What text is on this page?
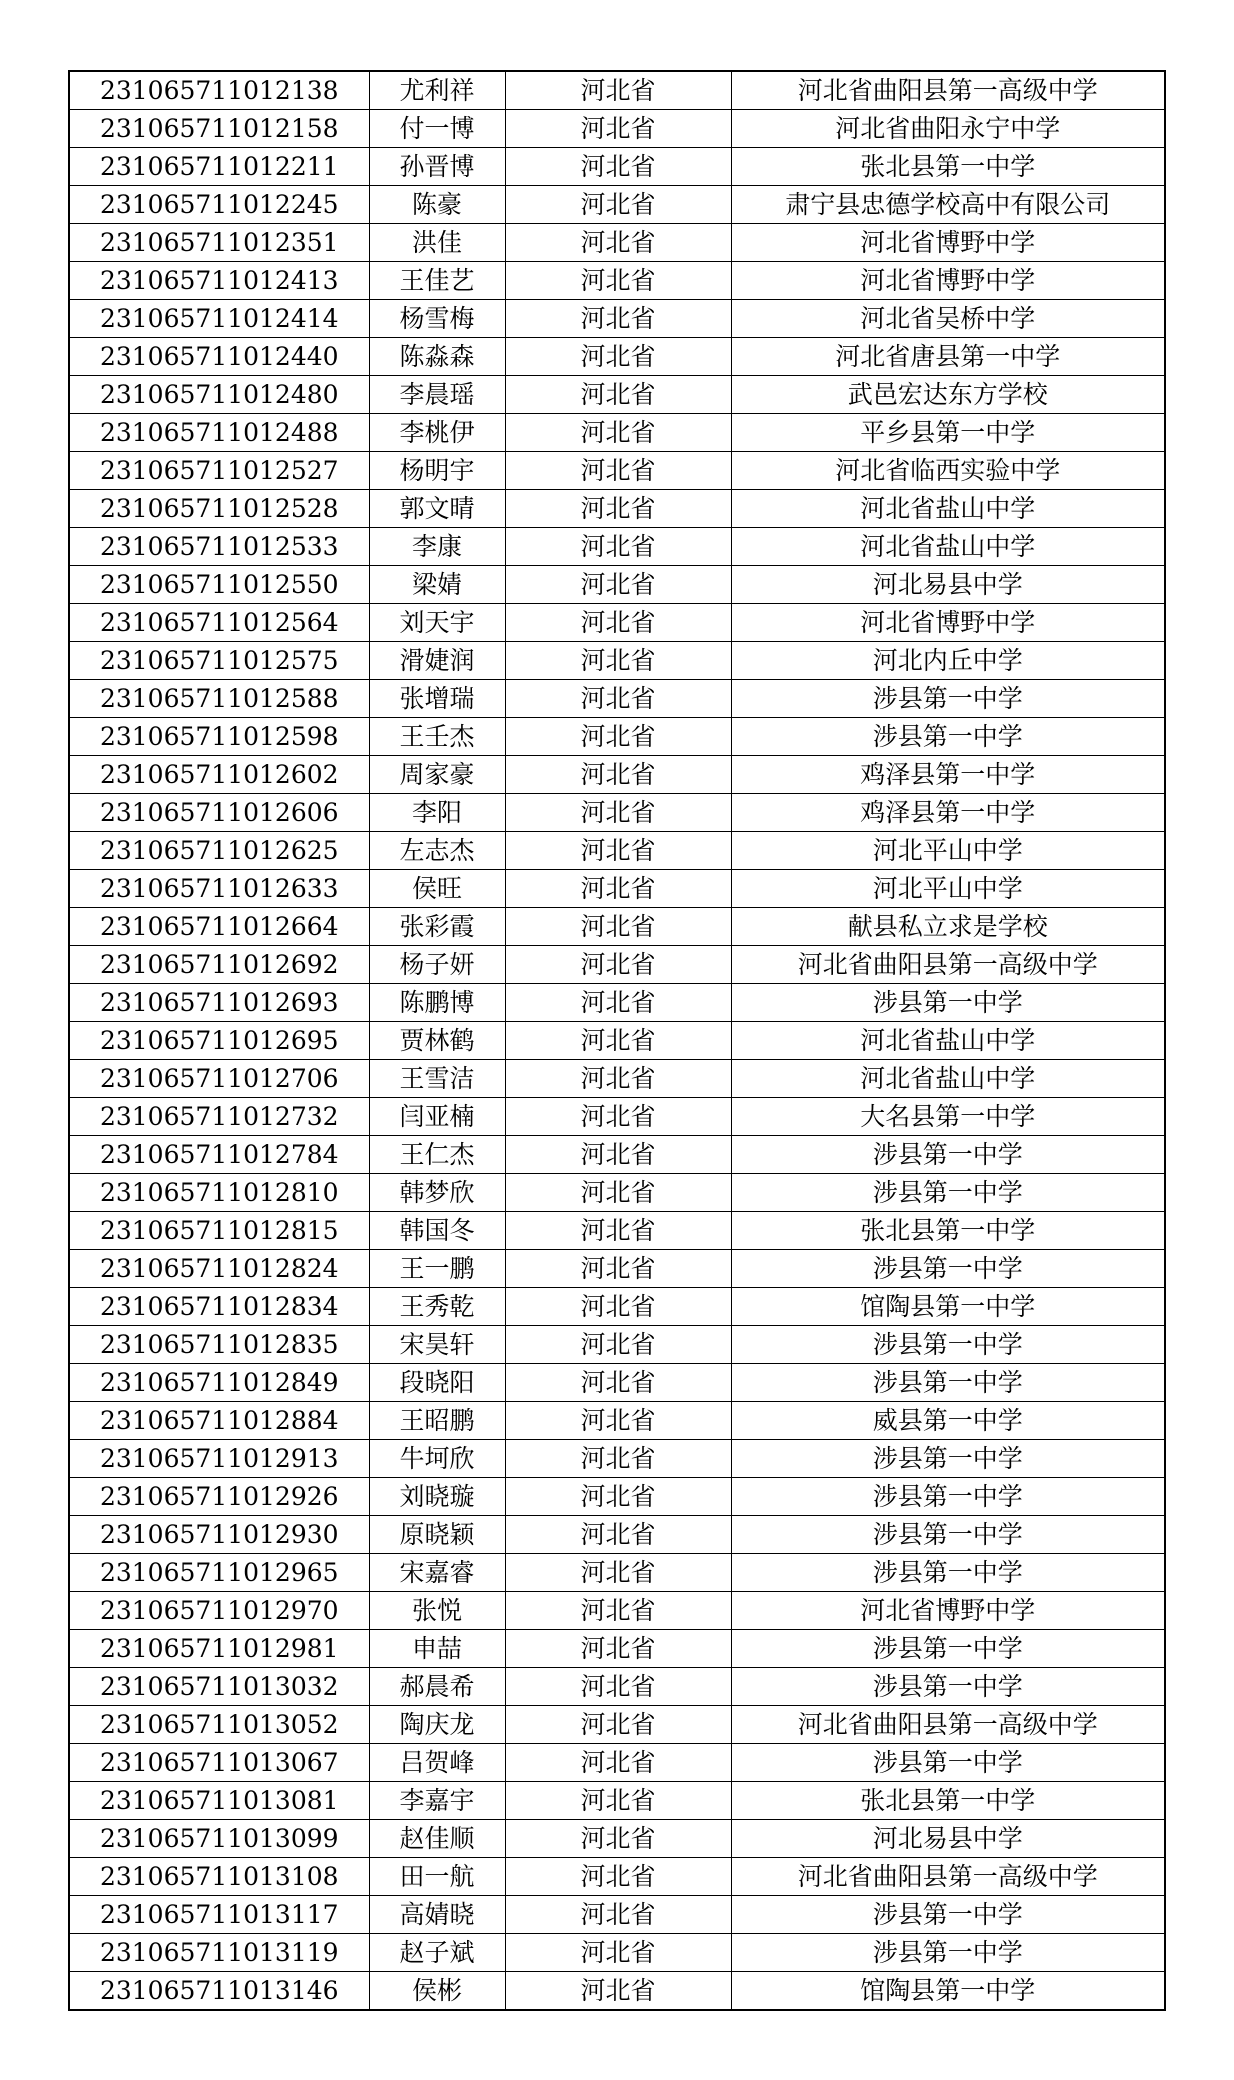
231065711012138	尤利祥	河北省	河北省曲阳县第一高级中学
231065711012158	付一博	河北省	河北省曲阳永宁中学
231065711012211	孙晋博	河北省	张北县第一中学
231065711012245	陈豪	河北省	肃宁县忠德学校高中有限公司
231065711012351	洪佳	河北省	河北省博野中学
231065711012413	王佳艺	河北省	河北省博野中学
231065711012414	杨雪梅	河北省	河北省吴桥中学
231065711012440	陈淼森	河北省	河北省唐县第一中学
231065711012480	李晨瑶	河北省	武邑宏达东方学校
231065711012488	李桃伊	河北省	平乡县第一中学
231065711012527	杨明宇	河北省	河北省临西实验中学
231065711012528	郭文晴	河北省	河北省盐山中学
231065711012533	李康	河北省	河北省盐山中学
231065711012550	梁婧	河北省	河北易县中学
231065711012564	刘天宇	河北省	河北省博野中学
231065711012575	滑婕润	河北省	河北内丘中学
231065711012588	张增瑞	河北省	涉县第一中学
231065711012598	王壬杰	河北省	涉县第一中学
231065711012602	周家豪	河北省	鸡泽县第一中学
231065711012606	李阳	河北省	鸡泽县第一中学
231065711012625	左志杰	河北省	河北平山中学
231065711012633	侯旺	河北省	河北平山中学
231065711012664	张彩霞	河北省	献县私立求是学校
231065711012692	杨子妍	河北省	河北省曲阳县第一高级中学
231065711012693	陈鹏博	河北省	涉县第一中学
231065711012695	贾林鹤	河北省	河北省盐山中学
231065711012706	王雪洁	河北省	河北省盐山中学
231065711012732	闫亚楠	河北省	大名县第一中学
231065711012784	王仁杰	河北省	涉县第一中学
231065711012810	韩梦欣	河北省	涉县第一中学
231065711012815	韩国冬	河北省	张北县第一中学
231065711012824	王一鹏	河北省	涉县第一中学
231065711012834	王秀乾	河北省	馆陶县第一中学
231065711012835	宋昊轩	河北省	涉县第一中学
231065711012849	段晓阳	河北省	涉县第一中学
231065711012884	王昭鹏	河北省	威县第一中学
231065711012913	牛坷欣	河北省	涉县第一中学
231065711012926	刘晓璇	河北省	涉县第一中学
231065711012930	原晓颖	河北省	涉县第一中学
231065711012965	宋嘉睿	河北省	涉县第一中学
231065711012970	张悦	河北省	河北省博野中学
231065711012981	申喆	河北省	涉县第一中学
231065711013032	郝晨希	河北省	涉县第一中学
231065711013052	陶庆龙	河北省	河北省曲阳县第一高级中学
231065711013067	吕贺峰	河北省	涉县第一中学
231065711013081	李嘉宇	河北省	张北县第一中学
231065711013099	赵佳顺	河北省	河北易县中学
231065711013108	田一航	河北省	河北省曲阳县第一高级中学
231065711013117	高婧晓	河北省	涉县第一中学
231065711013119	赵子斌	河北省	涉县第一中学
231065711013146	侯彬	河北省	馆陶县第一中学
